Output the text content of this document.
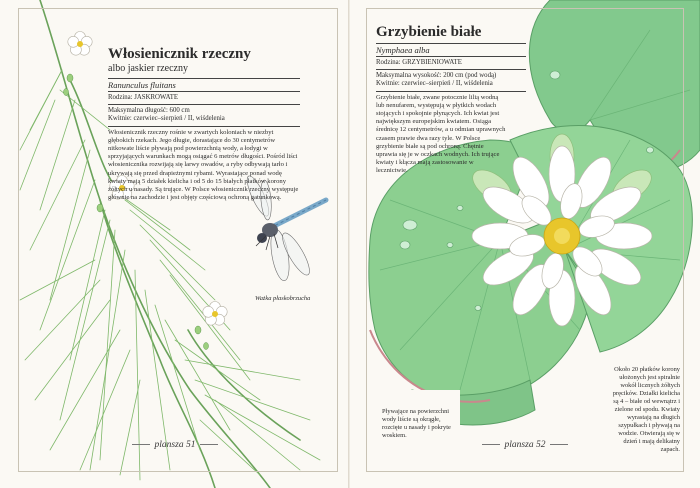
Włosienicznik rzeczny

albo jaskier rzeczny

Ranunculus fluitans
Rodzina: JASKROWATE
Maksymalna długość: 600 cm
Kwitnie: czerwiec–sierpień / II, wiśdelenia

Włosienicznik rzeczny rośnie w zwartych koloniach w niezbyt głębokich rzekach. Jego długie, dorastające do 30 centymetrów nitkowate liście pływają pod powierzchnią wody, a łodygi w sprzyjających warunkach mogą osiągać 6 metrów długości. Pośród liści włosienicznika rozwijają się larwy owadów, a ryby odbywają tarło i ukrywają się przed drapieżnymi rybami. Wyrastające ponad wodę kwiaty mają 5 działek kielicha i od 5 do 15 białych płatków korony żółtych u nasady. Są trujące. W Polsce włosienicznik rzeczny występuje głównie na zachodzie i jest objęty częściową ochroną gatunkową.

Ważka płaskobrzucha
plansza 51

Grzybienie białe

Nymphaea alba
Rodzina: GRZYBIENIOWATE
Maksymalna wysokość: 200 cm (pod wodą)
Kwitnie: czerwiec–sierpień / II, wiśdelenia

Grzybienie białe, zwane potocznie lilią wodną lub nenufarem, występują w płytkich wodach stojących i spokojnie płynących. Ich kwiat jest największym europejskim kwiatem. Osiąga średnicę 12 centymetrów, a u odmian uprawnych czasem prawie dwa razy tyle. W Polsce grzybienie białe są pod ochroną. Chętnie uprawia się je w oczkach wodnych. Ich trujące kwiaty i kłącza mają zastosowanie w lecznictwie.

Pływające na powierzchni wody liście są okrągłe, rozcięte u nasady i pokryte woskiem.
Około 20 płatków korony ułożonych jest spiralnie wokół licznych żółtych pręcików. Działki kielicha są 4 – białe od wewnątrz i zielone od spodu. Kwiaty wyrastają na długich szypułkach i pływają na wodzie. Otwierają się w dzień i mają delikatny zapach.
plansza 52
